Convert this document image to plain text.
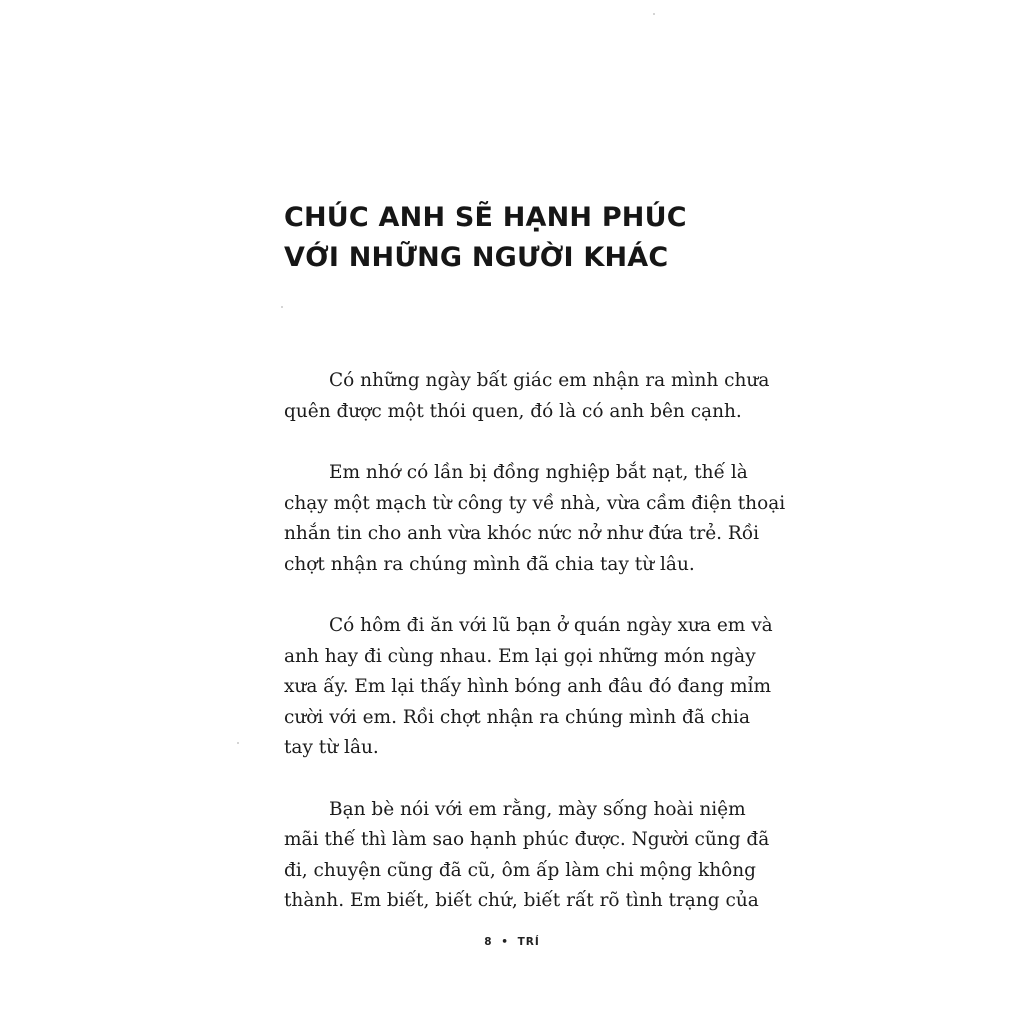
CHÚC ANH SẼ HẠNH PHÚC
VỚI NHỮNG NGƯỜI KHÁC

Có những ngày bất giác em nhận ra mình chưa
quên được một thói quen, đó là có anh bên cạnh.

Em nhớ có lần bị đồng nghiệp bắt nạt, thế là
chạy một mạch từ công ty về nhà, vừa cầm điện thoại
nhắn tin cho anh vừa khóc nức nở như đứa trẻ. Rồi
chợt nhận ra chúng mình đã chia tay từ lâu.

Có hôm đi ăn với lũ bạn ở quán ngày xưa em và
anh hay đi cùng nhau. Em lại gọi những món ngày
xưa ấy. Em lại thấy hình bóng anh đâu đó đang mỉm
cười với em. Rồi chợt nhận ra chúng mình đã chia
tay từ lâu.

Bạn bè nói với em rằng, mày sống hoài niệm
mãi thế thì làm sao hạnh phúc được. Người cũng đã
đi, chuyện cũng đã cũ, ôm ấp làm chi mộng không
thành. Em biết, biết chứ, biết rất rõ tình trạng của

8 • TRÍ
